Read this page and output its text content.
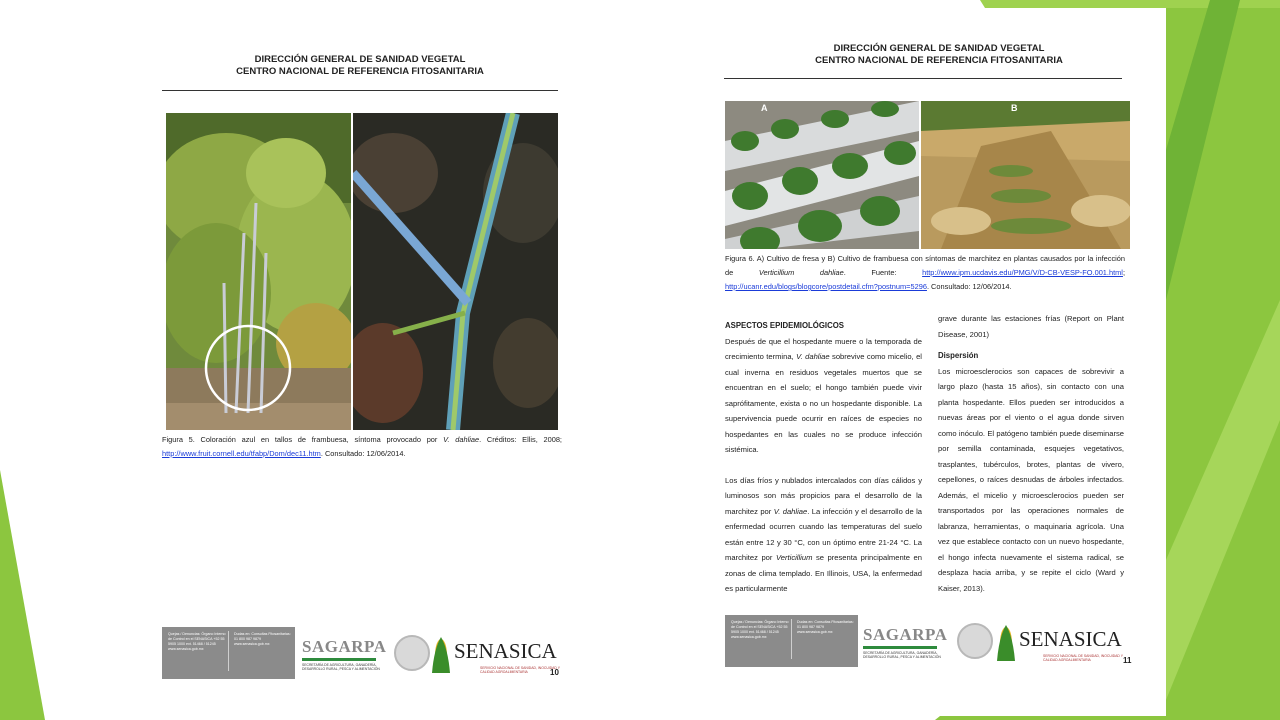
DIRECCIÓN GENERAL DE SANIDAD VEGETAL
CENTRO NACIONAL DE REFERENCIA FITOSANITARIA
Figura 5. Coloración azul en tallos de frambuesa, síntoma provocado por V. dahliae. Créditos: Ellis, 2008; http://www.fruit.cornell.edu/tfabp/Dom/dec11.htm. Consultado: 12/06/2014.
Quejas / Denuncias: Órgano Interno de Control en el SENASICA +52 55 5905 1000 ext. 51468 / 51245 www.senasica.gob.mx
Dudas en: Consultas Fitosanitarias: 01 800 987 9879 www.senasica.gob.mx	SAGARPA
SECRETARÍA DE AGRICULTURA, GANADERÍA, DESARROLLO RURAL, PESCA Y ALIMENTACIÓN
SENASICA
SERVICIO NACIONAL DE SANIDAD, INOCUIDAD Y CALIDAD AGROALIMENTARIA	10
DIRECCIÓN GENERAL DE SANIDAD VEGETAL
CENTRO NACIONAL DE REFERENCIA FITOSANITARIA
A	B
Figura 6. A) Cultivo de fresa y B) Cultivo de frambuesa con síntomas de marchitez en plantas causados por la infección de Verticillium dahliae. Fuente: http://www.ipm.ucdavis.edu/PMG/V/D-CB-VESP-FO.001.html; http://ucanr.edu/blogs/blogcore/postdetail.cfm?postnum=5296. Consultado: 12/06/2014.
ASPECTOS EPIDEMIOLÓGICOS

Después de que el hospedante muere o la temporada de crecimiento termina, V. dahliae sobrevive como micelio, el cual inverna en residuos vegetales muertos que se encuentran en el suelo; el hongo también puede vivir saprófitamente, exista o no un hospedante disponible. La supervivencia puede ocurrir en raíces de especies no hospedantes en las cuales no se produce infección sistémica.

Los días fríos y nublados intercalados con días cálidos y luminosos son más propicios para el desarrollo de la marchitez por V. dahliae. La infección y el desarrollo de la enfermedad ocurren cuando las temperaturas del suelo están entre 12 y 30 °C, con un óptimo entre 21-24 °C. La marchitez por Verticillium se presenta principalmente en zonas de clima templado. En Illinois, USA, la enfermedad es particularmente

grave durante las estaciones frías (Report on Plant Disease, 2001)

Dispersión

Los microesclerocios son capaces de sobrevivir a largo plazo (hasta 15 años), sin contacto con una planta hospedante. Ellos pueden ser introducidos a nuevas áreas por el viento o el agua donde sirven como inóculo. El patógeno también puede diseminarse por semilla contaminada, esquejes vegetativos, trasplantes, tubérculos, brotes, plantas de vivero, cepellones, o raíces desnudas de árboles infectados. Además, el micelio y microesclerocios pueden ser transportados por las operaciones normales de labranza, herramientas, o maquinaria agrícola. Una vez que establece contacto con un nuevo hospedante, el hongo infecta nuevamente el sistema radical, se desplaza hacia arriba, y se repite el ciclo (Ward y Kaiser, 2013).

Quejas / Denuncias: Órgano Interno de Control en el SENASICA +52 55 5905 1000 ext. 51468 / 51245 www.senasica.gob.mx
Dudas en: Consultas Fitosanitarias: 01 800 987 9879 www.senasica.gob.mx	SAGARPA
SECRETARÍA DE AGRICULTURA, GANADERÍA, DESARROLLO RURAL, PESCA Y ALIMENTACIÓN
SENASICA
SERVICIO NACIONAL DE SANIDAD, INOCUIDAD Y CALIDAD AGROALIMENTARIA	11
